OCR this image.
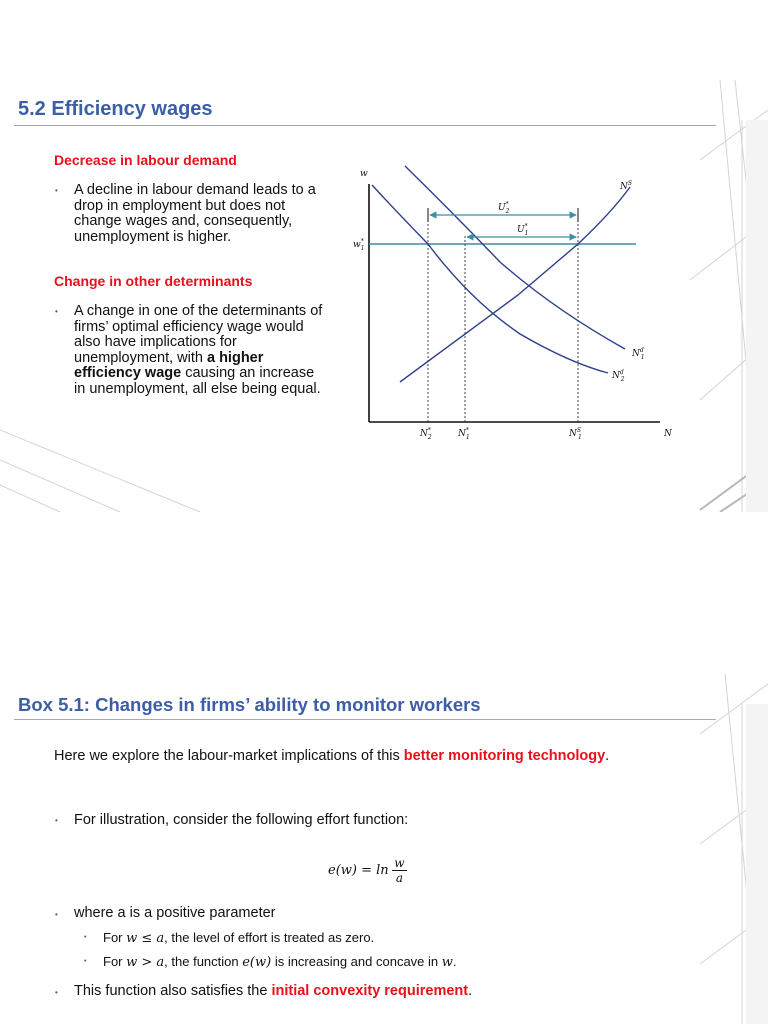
5.2 Efficiency wages
Decrease in labour demand
• A decline in labour demand leads to a drop in employment but does not change wages and, consequently, unemployment is higher.
Change in other determinants
• A change in one of the determinants of firms’ optimal efficiency wage would also have implications for unemployment, with a higher efficiency wage causing an increase in unemployment, all else being equal.
w
N
w* 1
$N^S$
$N^d$ 1
$N^d$ 2
U* 2
U* 1
N* 2	N* 1	$N^S$ 1
Box 5.1: Changes in firms’ ability to monitor workers
Here we explore the labour-market implications of this better monitoring technology.
• For illustration, consider the following effort function:
$e(w) = \ln \frac{w}{a}$
• where a is a positive parameter
• For w ≤ a, the level of effort is treated as zero.
• For w > a, the function e(w) is increasing and concave in w.
• This function also satisfies the initial convexity requirement.
